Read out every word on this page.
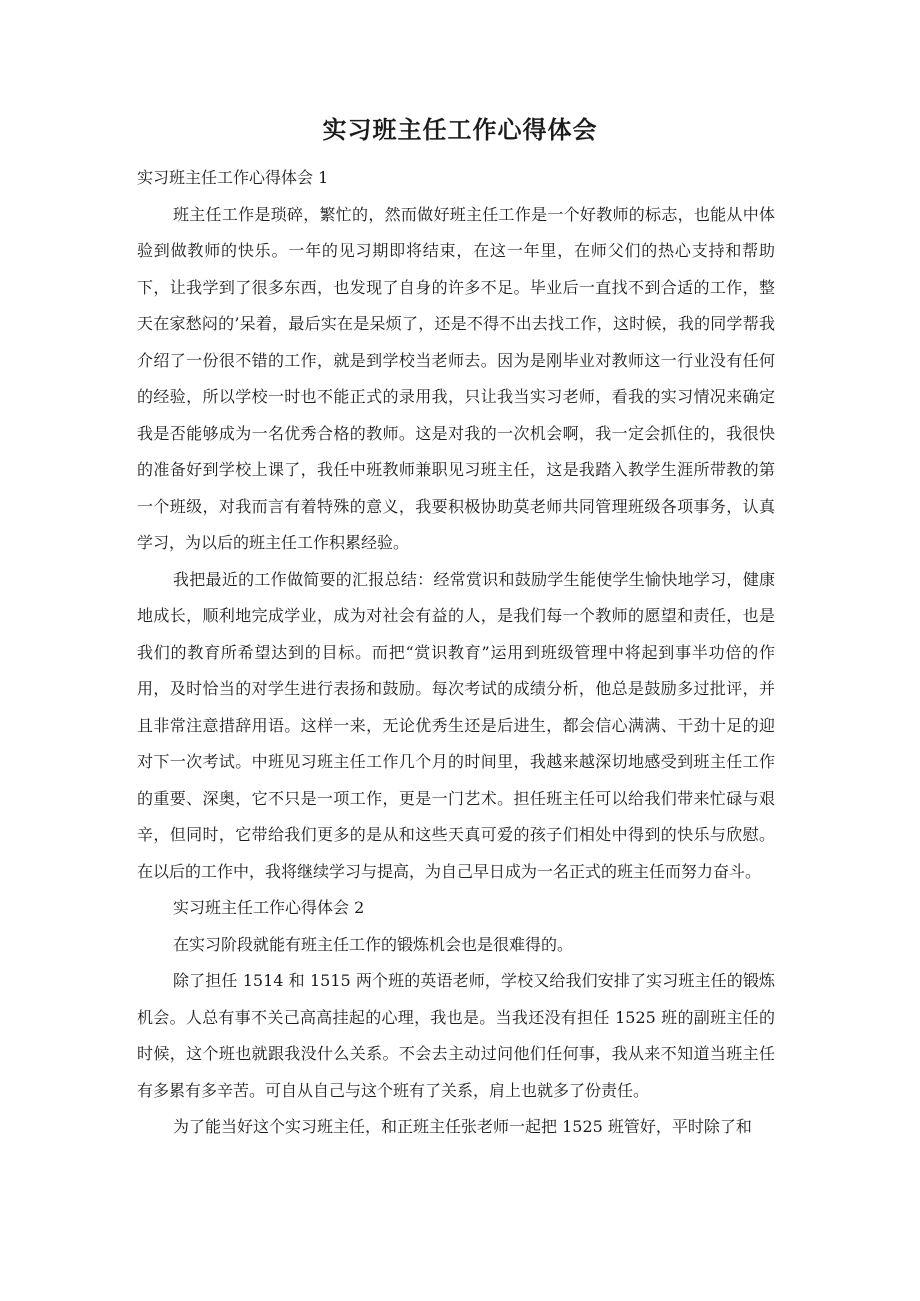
实习班主任工作心得体会

实习班主任工作心得体会 1

班主任工作是琐碎，繁忙的，然而做好班主任工作是一个好教师的标志，也能从中体验到做教师的快乐。一年的见习期即将结束，在这一年里，在师父们的热心支持和帮助下，让我学到了很多东西，也发现了自身的许多不足。毕业后一直找不到合适的工作，整天在家愁闷的’呆着，最后实在是呆烦了，还是不得不出去找工作，这时候，我的同学帮我介绍了一份很不错的工作，就是到学校当老师去。因为是刚毕业对教师这一行业没有任何的经验，所以学校一时也不能正式的录用我，只让我当实习老师，看我的实习情况来确定我是否能够成为一名优秀合格的教师。这是对我的一次机会啊，我一定会抓住的，我很快的准备好到学校上课了，我任中班教师兼职见习班主任，这是我踏入教学生涯所带教的第一个班级，对我而言有着特殊的意义，我要积极协助莫老师共同管理班级各项事务，认真学习，为以后的班主任工作积累经验。

我把最近的工作做简要的汇报总结：经常赏识和鼓励学生能使学生愉快地学习，健康地成长，顺利地完成学业，成为对社会有益的人，是我们每一个教师的愿望和责任，也是我们的教育所希望达到的目标。而把“赏识教育”运用到班级管理中将起到事半功倍的作用，及时恰当的对学生进行表扬和鼓励。每次考试的成绩分析，他总是鼓励多过批评，并且非常注意措辞用语。这样一来，无论优秀生还是后进生，都会信心满满、干劲十足的迎对下一次考试。中班见习班主任工作几个月的时间里，我越来越深切地感受到班主任工作的重要、深奥，它不只是一项工作，更是一门艺术。担任班主任可以给我们带来忙碌与艰辛，但同时，它带给我们更多的是从和这些天真可爱的孩子们相处中得到的快乐与欣慰。在以后的工作中，我将继续学习与提高，为自己早日成为一名正式的班主任而努力奋斗。

实习班主任工作心得体会 2

在实习阶段就能有班主任工作的锻炼机会也是很难得的。

除了担任 1514 和 1515 两个班的英语老师，学校又给我们安排了实习班主任的锻炼机会。人总有事不关己高高挂起的心理，我也是。当我还没有担任 1525 班的副班主任的时候，这个班也就跟我没什么关系。不会去主动过问他们任何事，我从来不知道当班主任有多累有多辛苦。可自从自己与这个班有了关系，肩上也就多了份责任。

为了能当好这个实习班主任，和正班主任张老师一起把 1525 班管好，平时除了和
